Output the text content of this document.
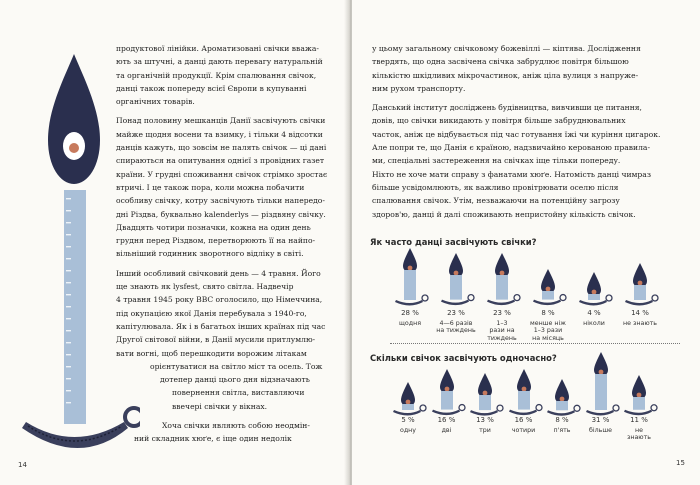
продуктової лінійки. Ароматизовані свічки вважа-
ють за штучні, а данці дають перевагу натуральній
та органічній продукції. Крім спалювання свічок,
данці також попереду всієї Європи в купуванні
органічних товарів.

Понад половину мешканців Данії засвічують свічки
майже щодня восени та взимку, і тільки 4 відсотки
данців кажуть, що зовсім не палять свічок — ці дані
спираються на опитування однієї з провідних газет
країни. У грудні споживання свічок стрімко зростає
втричі. І це також пора, коли можна побачити
особливу свічку, котру засвічують тільки напередо-
дні Різдва, буквально kalenderlys — різдвяну свічку.
Двадцять чотири позначки, кожна на один день
грудня перед Різдвом, перетворюють її на найпо-
вільніший годинник зворотного відліку в світі.

Інший особливий свічковий день — 4 травня. Його
ще знають як lysfest, свято світла. Надвечір
4 травня 1945 року ВВС оголосило, що Німеччина,
під окупацією якої Данія перебувала з 1940-го,
капітулювала. Як і в багатьох інших країнах під час
Другої світової війни, в Данії мусили притлумлю-
вати вогні, щоб перешкодити ворожим літакам
орієнтуватися на світло міст та осель. Тож
дотепер данці цього дня відзначають
повернення світла, виставляючи
ввечері свічки у вікнах.

Хоча свічки являють собою неодмін-
ний складник хюґе, є іще один недолік
14	15
у цьому загальному свічковому божевіллі — кіптява. Дослідження
твердять, що одна засвічена свічка забрудлює повітря більшою
кількістю шкідливих мікрочастинок, аніж ціла вулиця з напруже-
ним рухом транспорту.

Данський інститут досліджень будівництва, вивчивши це питання,
довів, що свічки викидають у повітря більше забруднювальних
часток, аніж це відбувається під час готування їжі чи куріння цигарок.
Але попри те, що Данія є країною, надзвичайно керованою правила-
ми, спеціальні застереження на свічках іще тільки попереду.
Ніхто не хоче мати справу з фанатами хюґе. Натомість данці чимраз
більше усвідомлюють, як важливо провітрювати оселю після
спалювання свічок. Утім, незважаючи на потенційну загрозу
здоров'ю, данці й далі споживають непристойну кількість свічок.
Як часто данці засвічують свічки?
28 %
щодня
23 %
4—6 разів
на тиждень
23 %
1–3
рази на
тиждень
8 %
менше ніж
1–3 рази
на місяць
4 %
ніколи
14 %
не знають
Скільки свічок засвічують одночасно?
5 %
одну
16 %
дві
13 %
три
16 %
чотири
8 %
п'ять
31 %
більше
11 %
не
знають
